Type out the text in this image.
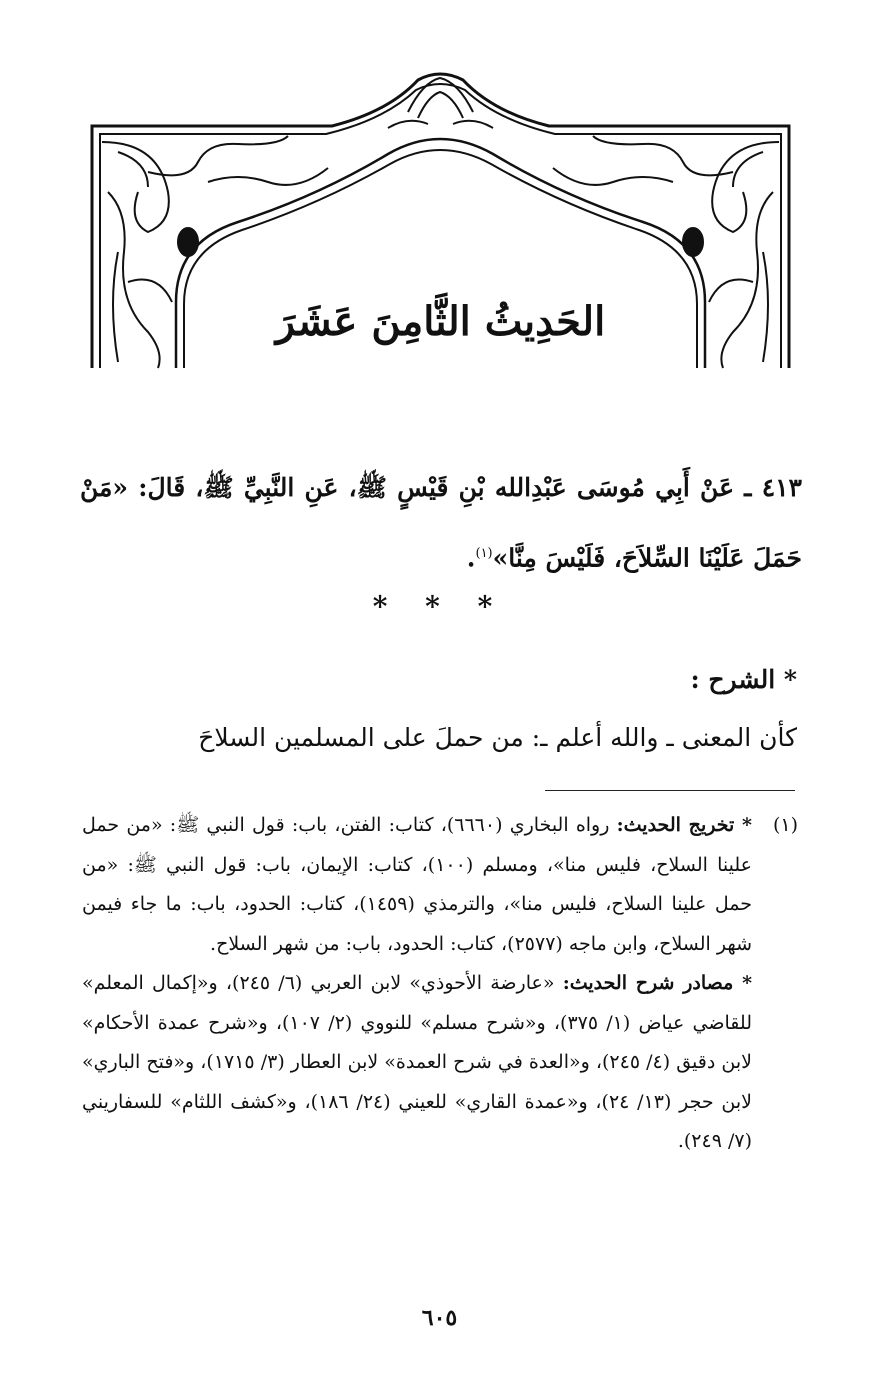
الحَدِيثُ الثَّامِنَ عَشَرَ
٤١٣ ـ عَنْ أَبِي مُوسَى عَبْدِالله بْنِ قَيْسٍ ﷺ، عَنِ النَّبِيِّ ﷺ، قَالَ: «مَنْ حَمَلَ عَلَيْنَا السِّلاَحَ، فَلَيْسَ مِنَّا»$^{(١)}$.
* * *
* الشرح :
كأن المعنى ـ والله أعلم ـ: من حملَ على المسلمين السلاحَ
(١)

* تخريج الحديث: رواه البخاري (٦٦٦٠)، كتاب: الفتن، باب: قول النبي ﷺ: «من حمل علينا السلاح، فليس منا»، ومسلم (١٠٠)، كتاب: الإيمان، باب: قول النبي ﷺ: «من حمل علينا السلاح، فليس منا»، والترمذي (١٤٥٩)، كتاب: الحدود، باب: ما جاء فيمن شهر السلاح، وابن ماجه (٢٥٧٧)، كتاب: الحدود، باب: من شهر السلاح.

* مصادر شرح الحديث: «عارضة الأحوذي» لابن العربي (٦/ ٢٤٥)، و«إكمال المعلم» للقاضي عياض (١/ ٣٧٥)، و«شرح مسلم» للنووي (٢/ ١٠٧)، و«شرح عمدة الأحكام» لابن دقيق (٤/ ٢٤٥)، و«العدة في شرح العمدة» لابن العطار (٣/ ١٧١٥)، و«فتح الباري» لابن حجر (١٣/ ٢٤)، و«عمدة القاري» للعيني (٢٤/ ١٨٦)، و«كشف اللثام» للسفاريني (٧/ ٢٤٩).

٦٠٥
